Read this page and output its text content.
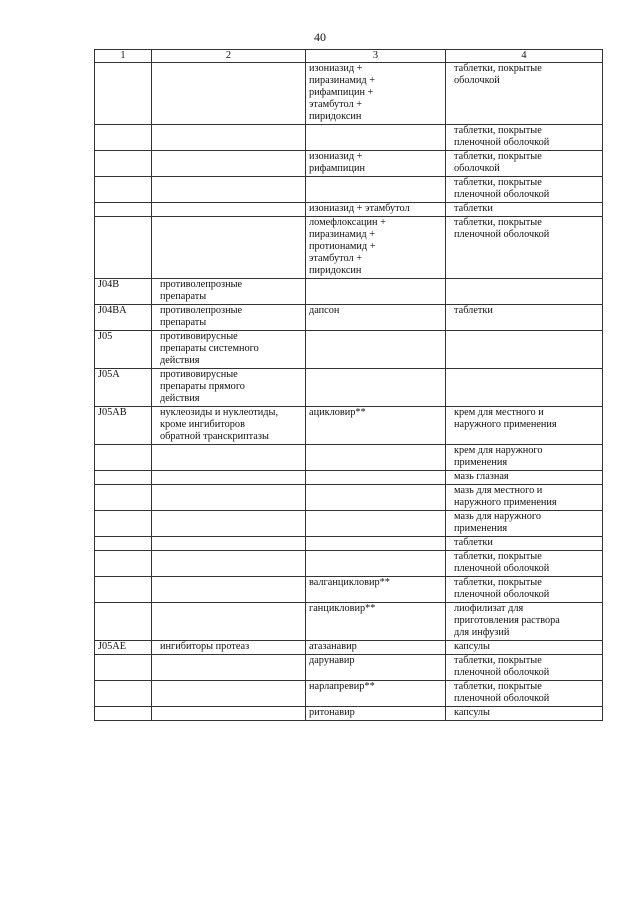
40
1	2	3	4
		изониазид +
пиразинамид +
рифампицин +
этамбутол +
пиридоксин	таблетки, покрытые
оболочкой
			таблетки, покрытые
пленочной оболочкой
		изониазид +
рифампицин	таблетки, покрытые
оболочкой
			таблетки, покрытые
пленочной оболочкой
		изониазид + этамбутол	таблетки
		ломефлоксацин +
пиразинамид +
протионамид +
этамбутол +
пиридоксин	таблетки, покрытые
пленочной оболочкой
J04B	противолепрозные
препараты		
J04BA	противолепрозные
препараты	дапсон	таблетки
J05	противовирусные
препараты системного
действия		
J05A	противовирусные
препараты прямого
действия		
J05AB	нуклеозиды и нуклеотиды,
кроме ингибиторов
обратной транскриптазы	ацикловир**	крем для местного и
наружного применения
			крем для наружного
применения
			мазь глазная
			мазь для местного и
наружного применения
			мазь для наружного
применения
			таблетки
			таблетки, покрытые
пленочной оболочкой
		валганцикловир**	таблетки, покрытые
пленочной оболочкой
		ганцикловир**	лиофилизат для
приготовления раствора
для инфузий
J05AE	ингибиторы протеаз	атазанавир	капсулы
		дарунавир	таблетки, покрытые
пленочной оболочкой
		нарлапревир**	таблетки, покрытые
пленочной оболочкой
		ритонавир	капсулы
